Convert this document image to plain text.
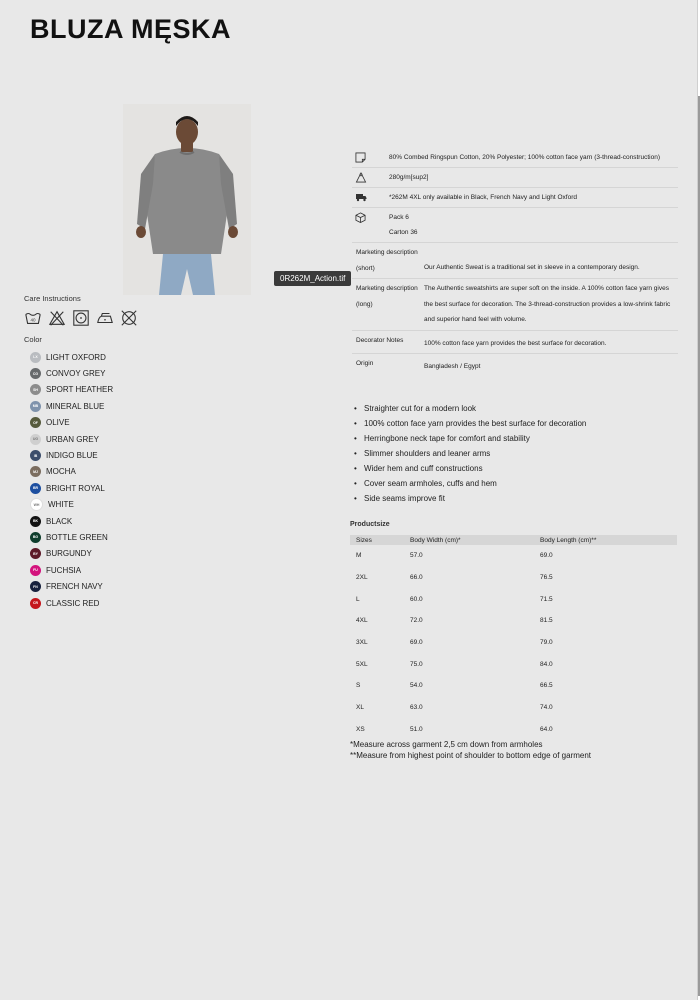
BLUZA MĘSKA
0R262M_Action.tif
Care Instructions
40
Color
LX	LIGHT OXFORD
CG CONVOY GREY
SH	SPORT HEATHER
MB MINERAL BLUE
OF	OLIVE
UG URBAN GREY
IB	INDIGO BLUE
MJ	MOCHA
BR BRIGHT ROYAL
WH	WHITE
BK BLACK
BG BOTTLE GREEN
BY	BURGUNDY
FU	FUCHSIA
FN	FRENCH NAVY
CR CLASSIC RED
80% Combed Ringspun Cotton, 20% Polyester; 100% cotton face yarn (3-thread-construction)
280g/m[sup2]
*262M 4XL only available in Black, French Navy and Light Oxford
Pack 6
Carton 36
Marketing description (short)	Our Authentic Sweat is a traditional set in sleeve in a contemporary design.
Marketing description (long)
The Authentic sweatshirts are super soft on the inside. A 100% cotton face yarn gives the best surface for decoration. The 3-thread-construction provides a low-shrink fabric and superior hand feel with volume.
Decorator Notes	100% cotton face yarn provides the best surface for decoration.
Origin	Bangladesh / Egypt
• Straighter cut for a modern look
• 100% cotton face yarn provides the best surface for decoration
• Herringbone neck tape for comfort and stability
• Slimmer shoulders and leaner arms
• Wider hem and cuff constructions
• Cover seam armholes, cuffs and hem
• Side seams improve fit
Productsize
Sizes	Body Width (cm)*	Body Length (cm)**
M	57.0	69.0
2XL	66.0	76.5
L	60.0	71.5
4XL	72.0	81.5
3XL	69.0	79.0
5XL	75.0	84.0
S	54.0	66.5
XL	63.0	74.0
XS	51.0	64.0
*Measure across garment 2,5 cm down from armholes
**Measure from highest point of shoulder to bottom edge of garment
